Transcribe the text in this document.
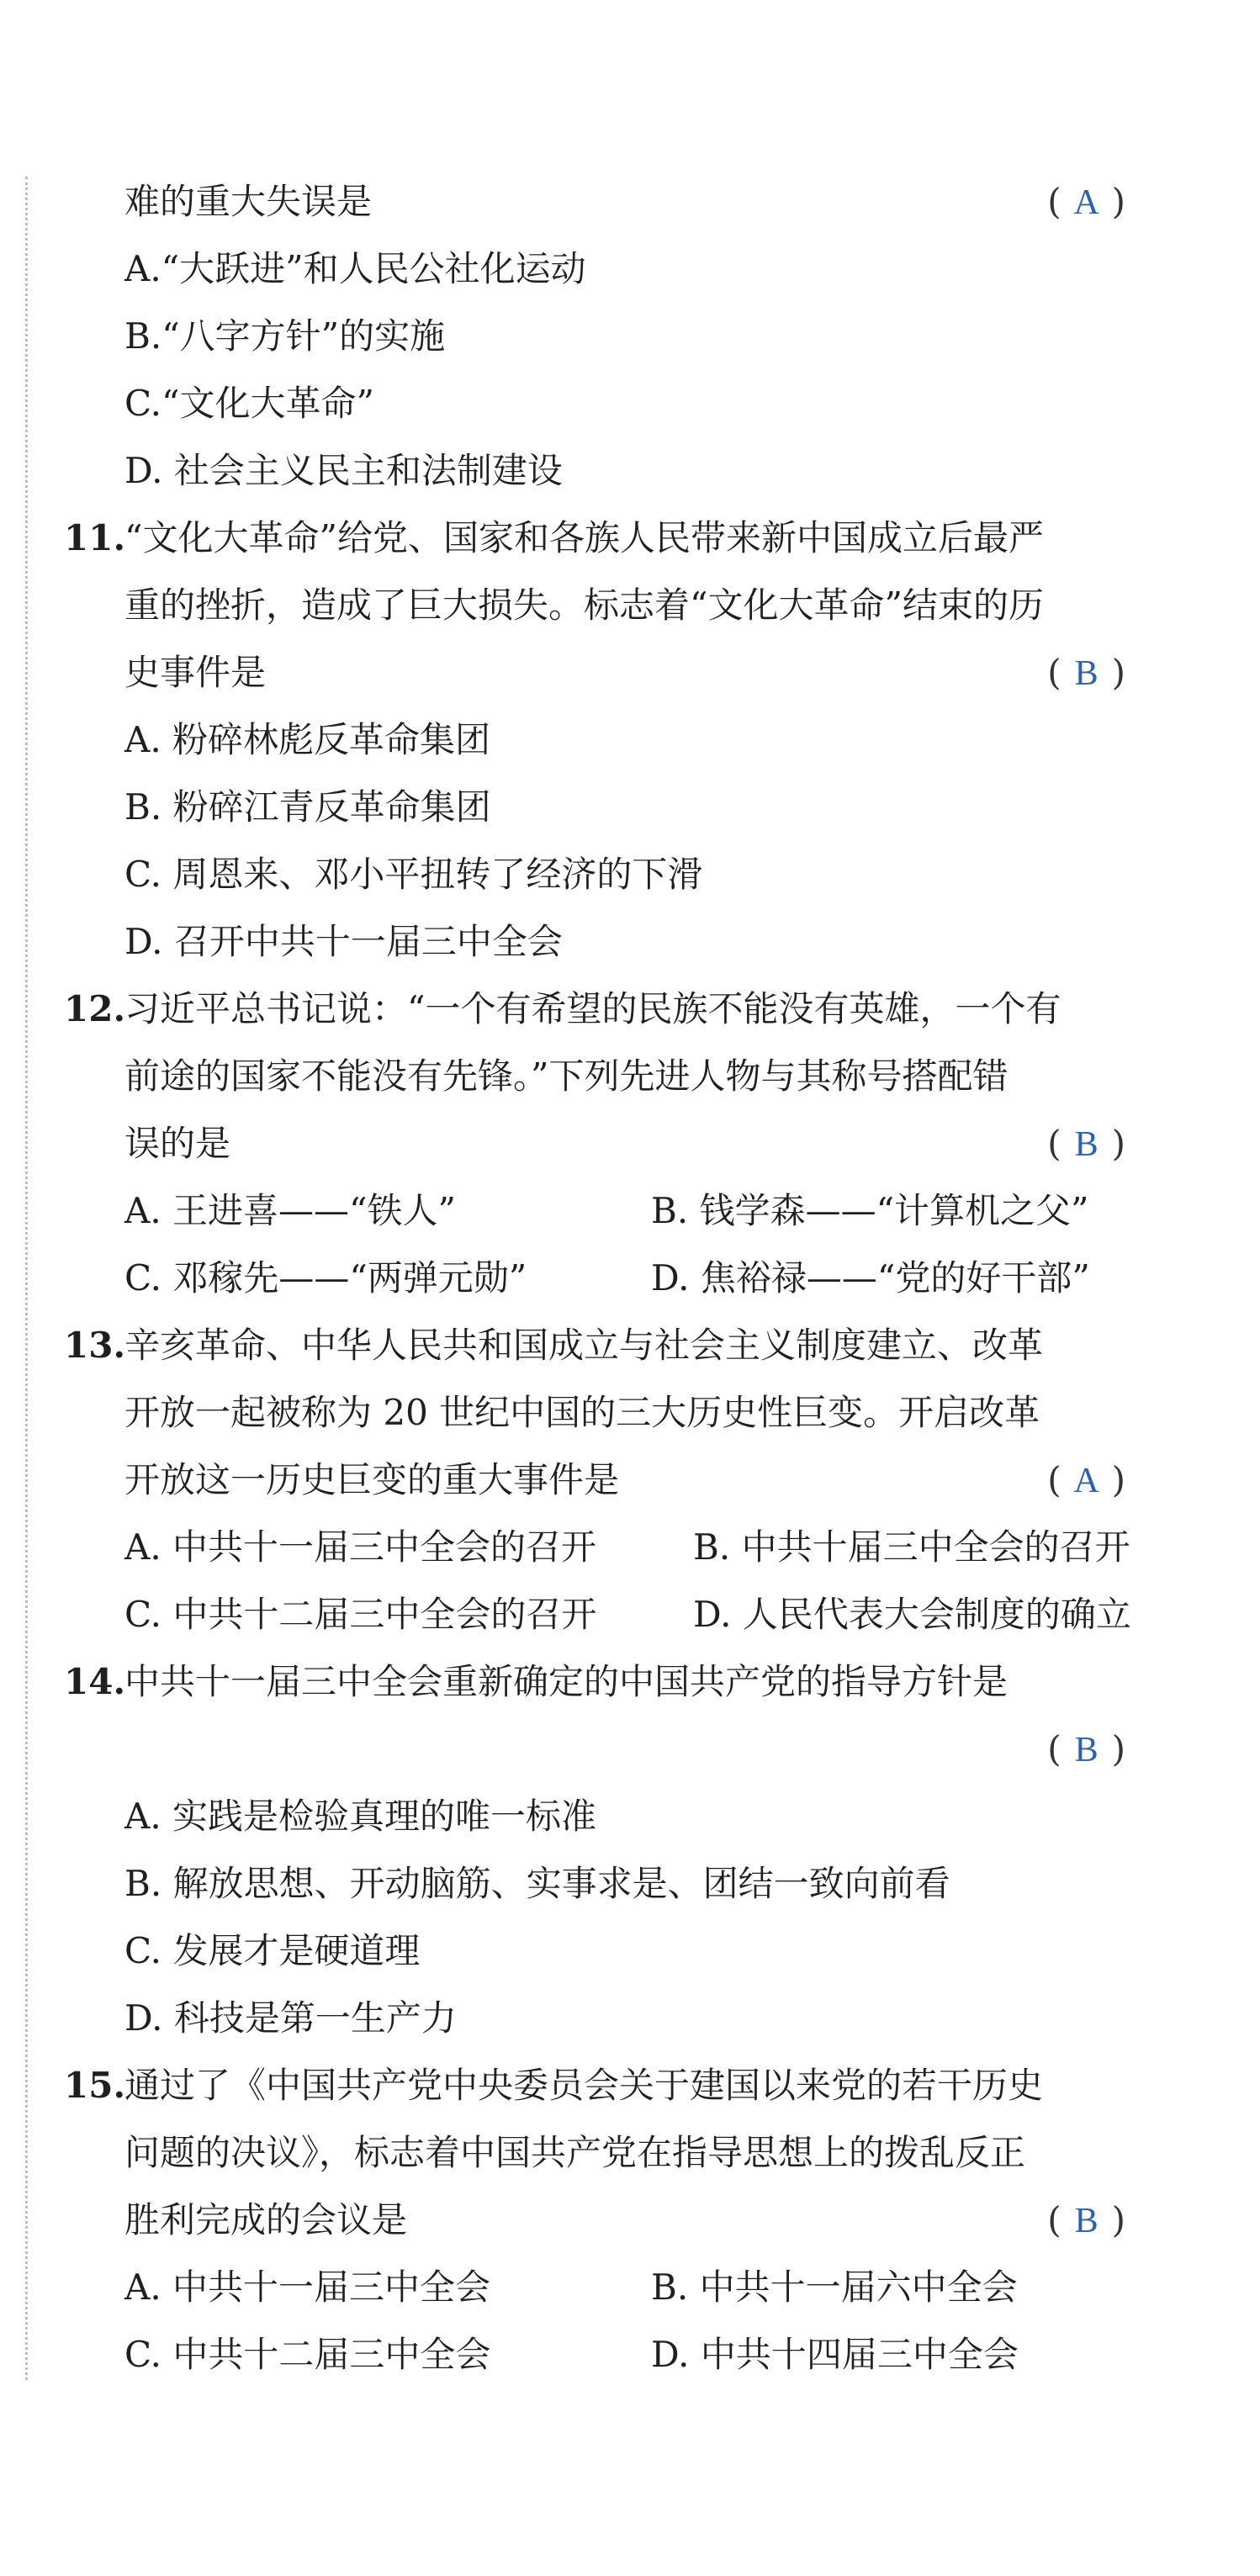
难的重大失误是	( A )
A.“大跃进”和人民公社化运动
B.“八字方针”的实施
C.“文化大革命”
D. 社会主义民主和法制建设
11.
“文化大革命”给党、国家和各族人民带来新中国成立后最严
重的挫折，造成了巨大损失。标志着“文化大革命”结束的历
史事件是	( B )
A. 粉碎林彪反革命集团
B. 粉碎江青反革命集团
C. 周恩来、邓小平扭转了经济的下滑
D. 召开中共十一届三中全会
12.
习近平总书记说：“一个有希望的民族不能没有英雄，一个有
前途的国家不能没有先锋。”下列先进人物与其称号搭配错
误的是	( B )
A. 王进喜——“铁人”	B. 钱学森——“计算机之父”
C. 邓稼先——“两弹元勋”	D. 焦裕禄——“党的好干部”
13.
辛亥革命、中华人民共和国成立与社会主义制度建立、改革
开放一起被称为 20 世纪中国的三大历史性巨变。开启改革
开放这一历史巨变的重大事件是	( A )
A. 中共十一届三中全会的召开	B. 中共十届三中全会的召开
C. 中共十二届三中全会的召开	D. 人民代表大会制度的确立
14.
中共十一届三中全会重新确定的中国共产党的指导方针是
( B )
A. 实践是检验真理的唯一标准
B. 解放思想、开动脑筋、实事求是、团结一致向前看
C. 发展才是硬道理
D. 科技是第一生产力
15.
通过了《中国共产党中央委员会关于建国以来党的若干历史
问题的决议》，标志着中国共产党在指导思想上的拨乱反正
胜利完成的会议是	( B )
A. 中共十一届三中全会	B. 中共十一届六中全会
C. 中共十二届三中全会	D. 中共十四届三中全会
